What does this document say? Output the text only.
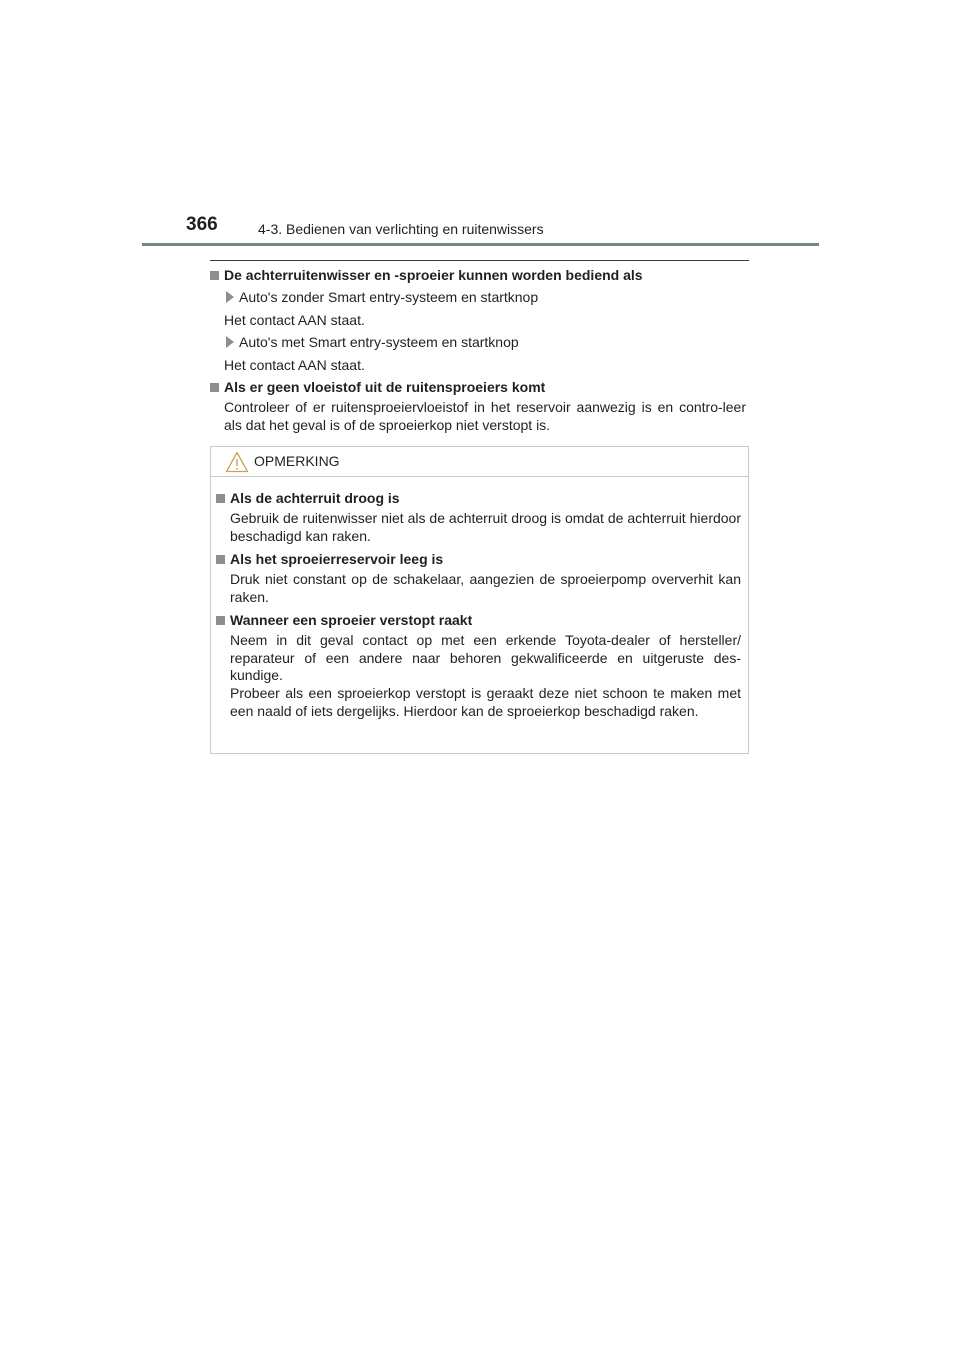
366	4-3. Bedienen van verlichting en ruitenwissers
De achterruitenwisser en -sproeier kunnen worden bediend als
Auto's zonder Smart entry-systeem en startknop
Het contact AAN staat.
Auto's met Smart entry-systeem en startknop
Het contact AAN staat.
Als er geen vloeistof uit de ruitensproeiers komt
Controleer of er ruitensproeiervloeistof in het reservoir aanwezig is en contro-leer als dat het geval is of de sproeierkop niet verstopt is.
OPMERKING
Als de achterruit droog is
Gebruik de ruitenwisser niet als de achterruit droog is omdat de achterruit hierdoor beschadigd kan raken.
Als het sproeierreservoir leeg is
Druk niet constant op de schakelaar, aangezien de sproeierpomp oververhit kan raken.
Wanneer een sproeier verstopt raakt
Neem in dit geval contact op met een erkende Toyota-dealer of hersteller/ reparateur of een andere naar behoren gekwalificeerde en uitgeruste des-kundige.
Probeer als een sproeierkop verstopt is geraakt deze niet schoon te maken met een naald of iets dergelijks. Hierdoor kan de sproeierkop beschadigd raken.
